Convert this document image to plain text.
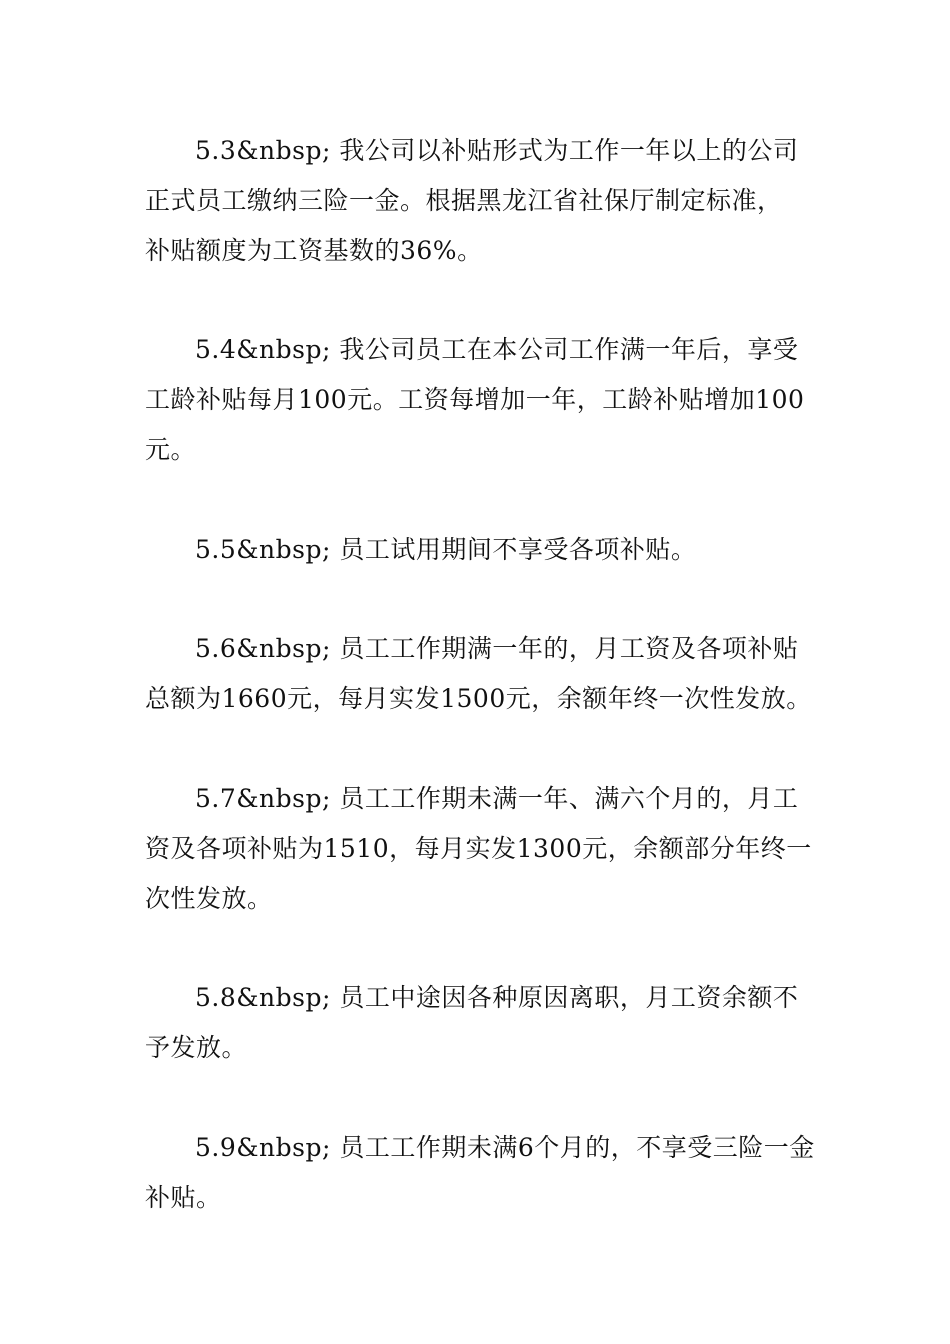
5.3&nbsp; 我公司以补贴形式为工作一年以上的公司
正式员工缴纳三险一金。根据黑龙江省社保厅制定标准，
补贴额度为工资基数的36%。

5.4&nbsp; 我公司员工在本公司工作满一年后，享受
工龄补贴每月100元。工资每增加一年，工龄补贴增加100
元。

5.5&nbsp; 员工试用期间不享受各项补贴。

5.6&nbsp; 员工工作期满一年的，月工资及各项补贴
总额为1660元，每月实发1500元，余额年终一次性发放。

5.7&nbsp; 员工工作期未满一年、满六个月的，月工
资及各项补贴为1510，每月实发1300元，余额部分年终一
次性发放。

5.8&nbsp; 员工中途因各种原因离职，月工资余额不
予发放。

5.9&nbsp; 员工工作期未满6个月的，不享受三险一金
补贴。
